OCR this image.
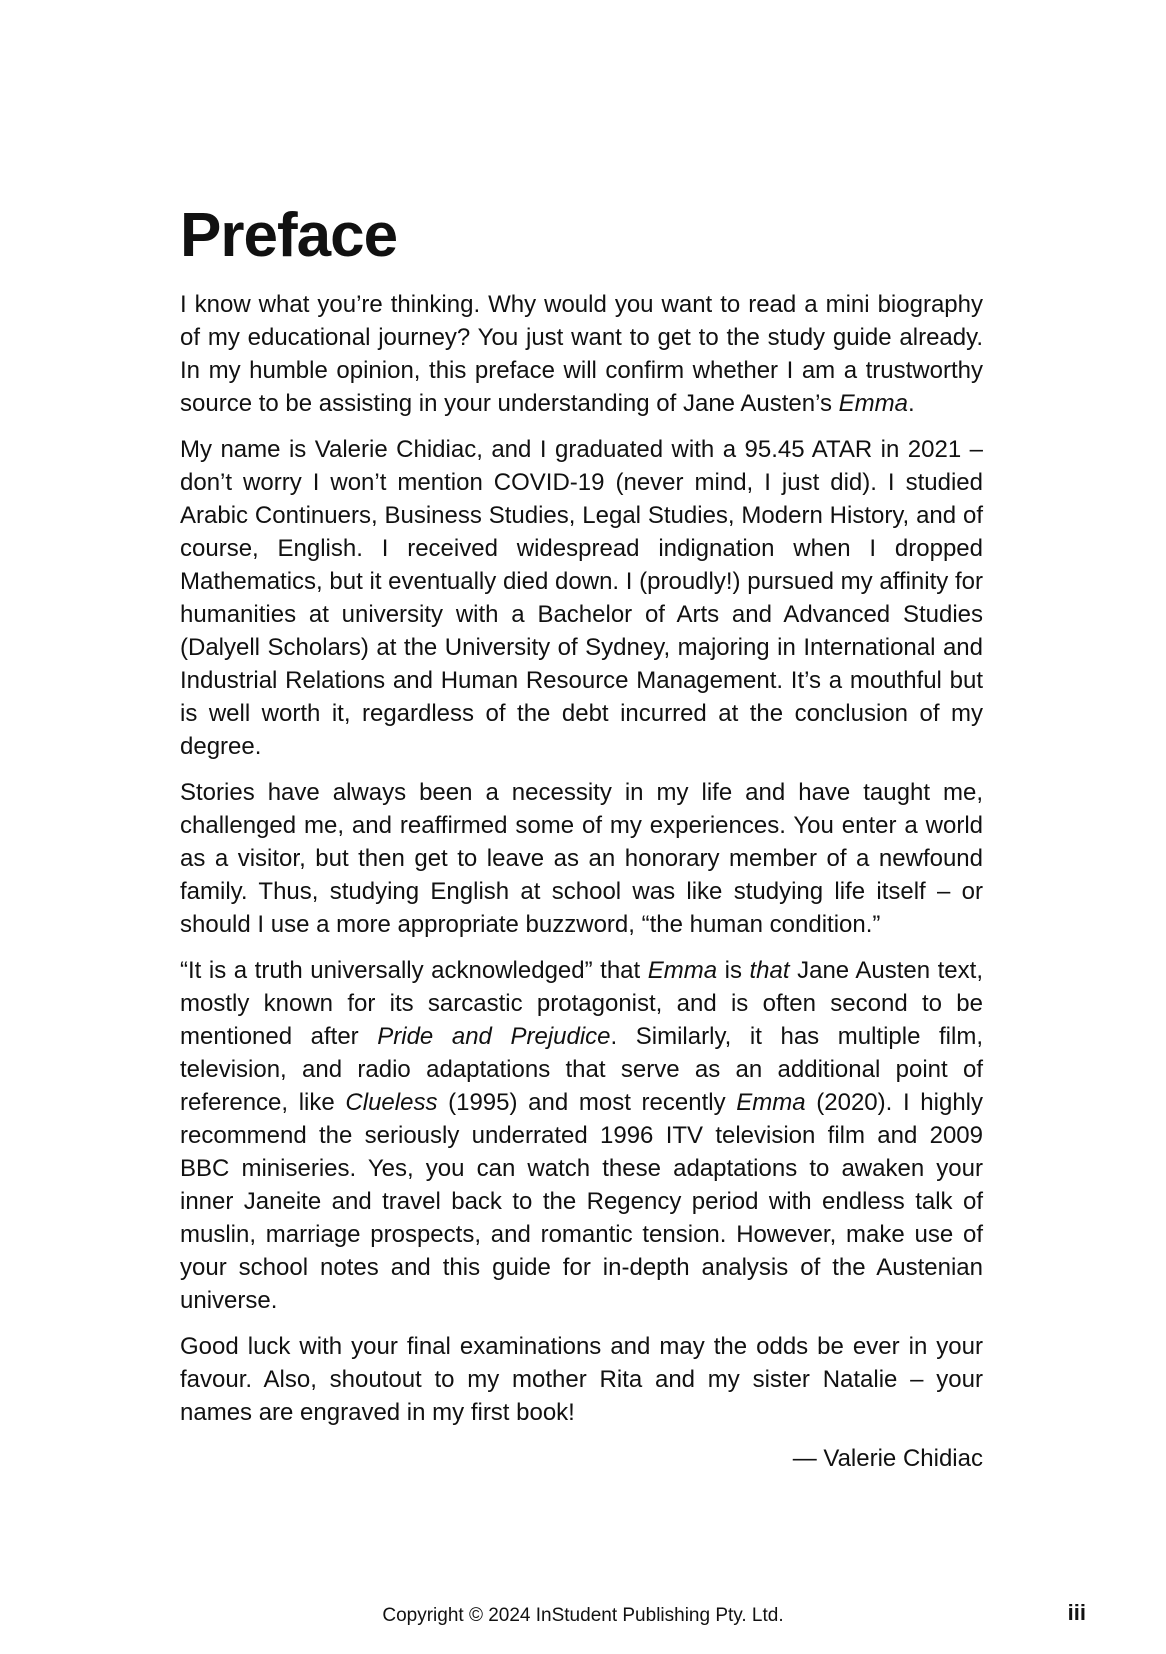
Preface

I know what you’re thinking. Why would you want to read a mini biography of my educational journey? You just want to get to the study guide already. In my humble opinion, this preface will confirm whether I am a trustworthy source to be assisting in your understanding of Jane Austen’s Emma.

My name is Valerie Chidiac, and I graduated with a 95.45 ATAR in 2021 – don’t worry I won’t mention COVID-19 (never mind, I just did). I studied Arabic Continuers, Business Studies, Legal Studies, Modern History, and of course, English. I received widespread indignation when I dropped Mathematics, but it eventually died down. I (proudly!) pursued my affinity for humanities at university with a Bachelor of Arts and Advanced Studies (Dalyell Scholars) at the University of Sydney, majoring in International and Industrial Relations and Human Resource Management. It’s a mouthful but is well worth it, regardless of the debt incurred at the conclusion of my degree.

Stories have always been a necessity in my life and have taught me, challenged me, and reaffirmed some of my experiences. You enter a world as a visitor, but then get to leave as an honorary member of a newfound family. Thus, studying English at school was like studying life itself – or should I use a more appropriate buzzword, “the human condition.”

“It is a truth universally acknowledged” that Emma is that Jane Austen text, mostly known for its sarcastic protagonist, and is often second to be mentioned after Pride and Prejudice. Similarly, it has multiple film, television, and radio adaptations that serve as an additional point of reference, like Clueless (1995) and most recently Emma (2020). I highly recommend the seriously underrated 1996 ITV television film and 2009 BBC miniseries. Yes, you can watch these adaptations to awaken your inner Janeite and travel back to the Regency period with endless talk of muslin, marriage prospects, and romantic tension. However, make use of your school notes and this guide for in-depth analysis of the Austenian universe.

Good luck with your final examinations and may the odds be ever in your favour. Also, shoutout to my mother Rita and my sister Natalie – your names are engraved in my first book!

— Valerie Chidiac

Copyright © 2024 InStudent Publishing Pty. Ltd.	iii
